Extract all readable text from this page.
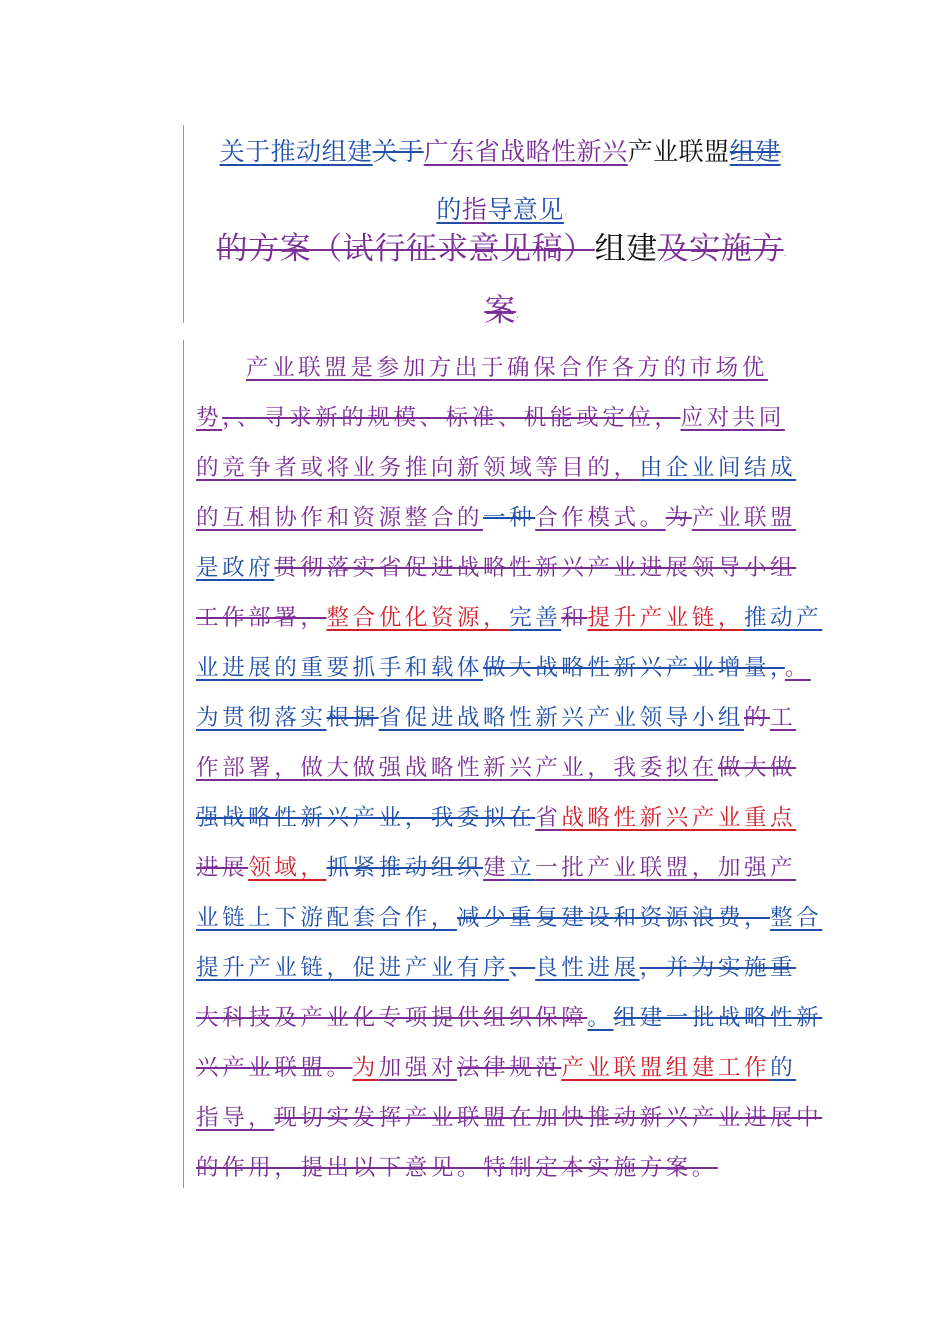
关于推动组建关于广东省战略性新兴产业联盟组建·
的指导意见·
的方案（试行征求意见稿）组建及实施方·
案·
产业联盟是参加方出于确保合作各方的市场优
势，、寻求新的规模、标准、机能或定位，应对共同
的竞争者或将业务推向新领域等目的，由企业间结成
的互相协作和资源整合的一种合作模式。为产业联盟
是政府贯彻落实省促进战略性新兴产业进展领导小组
工作部署，整合优化资源，完善和提升产业链，推动产
业进展的重要抓手和载体做大战略性新兴产业增量，。
为贯彻落实根据省促进战略性新兴产业领导小组的工
作部署，做大做强战略性新兴产业，我委拟在做大做
强战略性新兴产业，我委拟在省战略性新兴产业重点
进展领域，抓紧推动组织建立一批产业联盟，加强产
业链上下游配套合作，减少重复建设和资源浪费，整合
提升产业链，促进产业有序、良性进展，并为实施重
大科技及产业化专项提供组织保障。组建一批战略性新
兴产业联盟。为加强对法律规范产业联盟组建工作的
指导，现切实发挥产业联盟在加快推动新兴产业进展中
的作用，提出以下意见。特制定本实施方案。
